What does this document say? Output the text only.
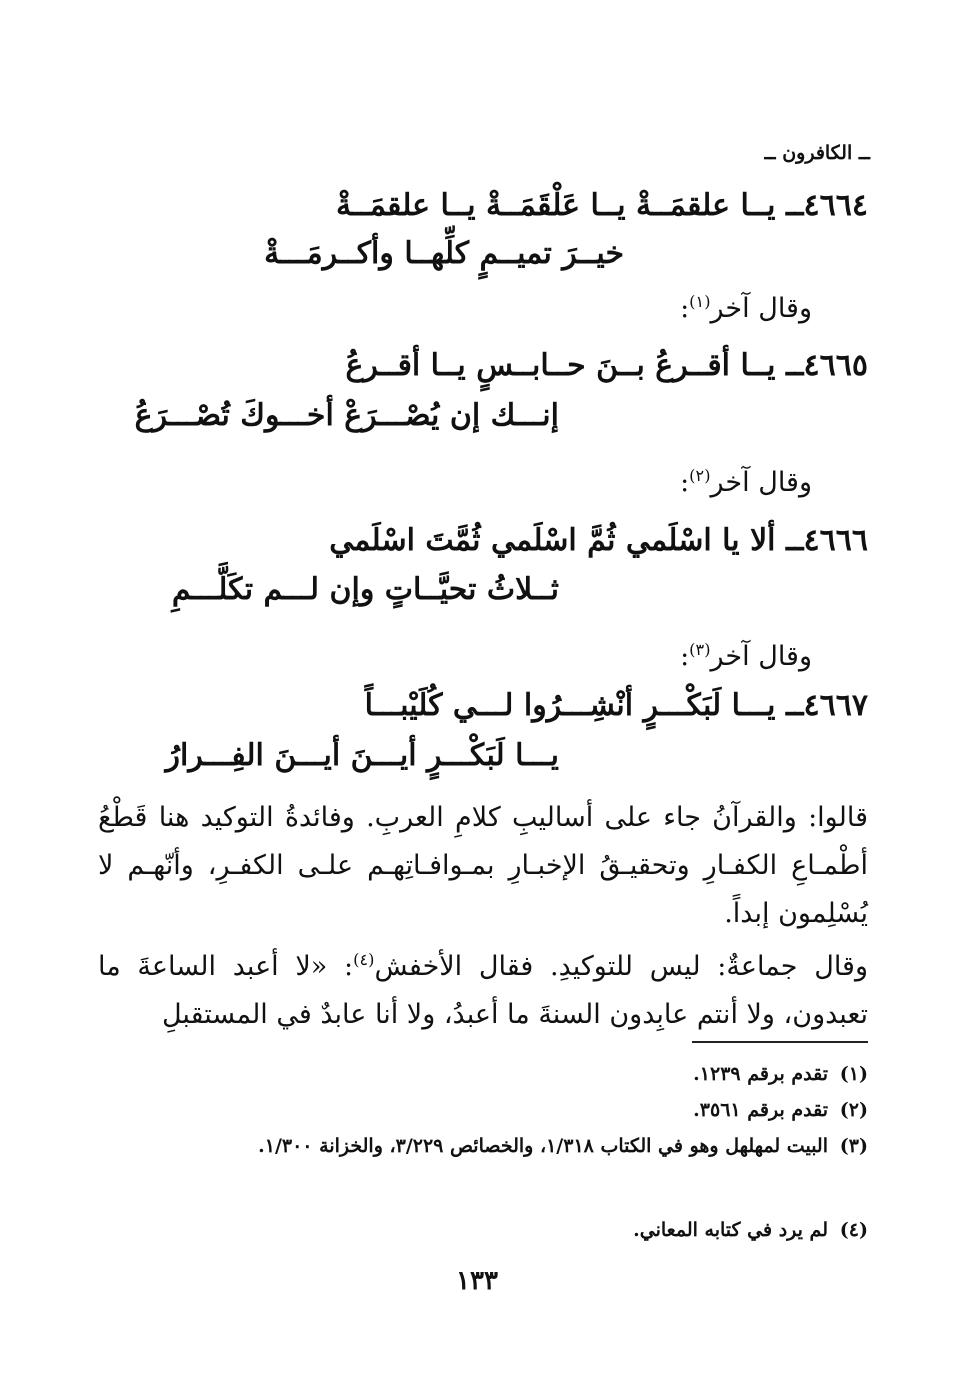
ــ الكافرون ــ
٤٦٦٤ــ يــا علقمَــةْ يــا عَلْقَمَــةْ يــا علقمَــةْ
خيــرَ تميــمٍ كلِّهــا وأكــرمَـــةْ
وقال آخر$^{(١)}$:
٤٦٦٥ــ يــا أقــرعُ بــنَ حــابــسٍ يــا أقــرعُ
إنـــك إن يُصْـــرَعْ أخـــوكَ تُصْـــرَعُ
وقال آخر$^{(٢)}$:
٤٦٦٦ــ ألا يا اسْلَمي ثُمَّ اسْلَمي ثُمَّتَ اسْلَمي
ثــلاثُ تحيَّــاتٍ وإن لـــم تكَلَّـــمِ
وقال آخر$^{(٣)}$:
٤٦٦٧ــ يـــا لَبَكْـــرٍ أنْشِـــرُوا لـــي كُلَيْبـــاً
يـــا لَبَكْـــرٍ أيـــنَ أيـــنَ الفِـــرارُ
قالوا: والقرآنُ جاء على أساليبِ كلامِ العربِ. وفائدةُ التوكيد هنا قَطْعُ أطْمـاعِ الكفـارِ وتحقيـقُ الإخبـارِ بمـوافـاتِهـم علـى الكفـرِ، وأنّهـم لا يُسْلِمون إبداً.
وقال جماعةٌ: ليس للتوكيدِ. فقال الأخفش$^{(٤)}$: «لا أعبد الساعةَ ما تعبدون، ولا أنتم عابِدون السنةَ ما أعبدُ، ولا أنا عابدٌ في المستقبلِ
(١)تقدم برقم ١٢٣٩.
(٢)تقدم برقم ٣٥٦١.
(٣)البيت لمهلهل وهو في الكتاب ١/٣١٨، والخصائص ٣/٢٢٩، والخزانة ١/٣٠٠.
(٤)لم يرد في كتابه المعاني.
١٣٣
